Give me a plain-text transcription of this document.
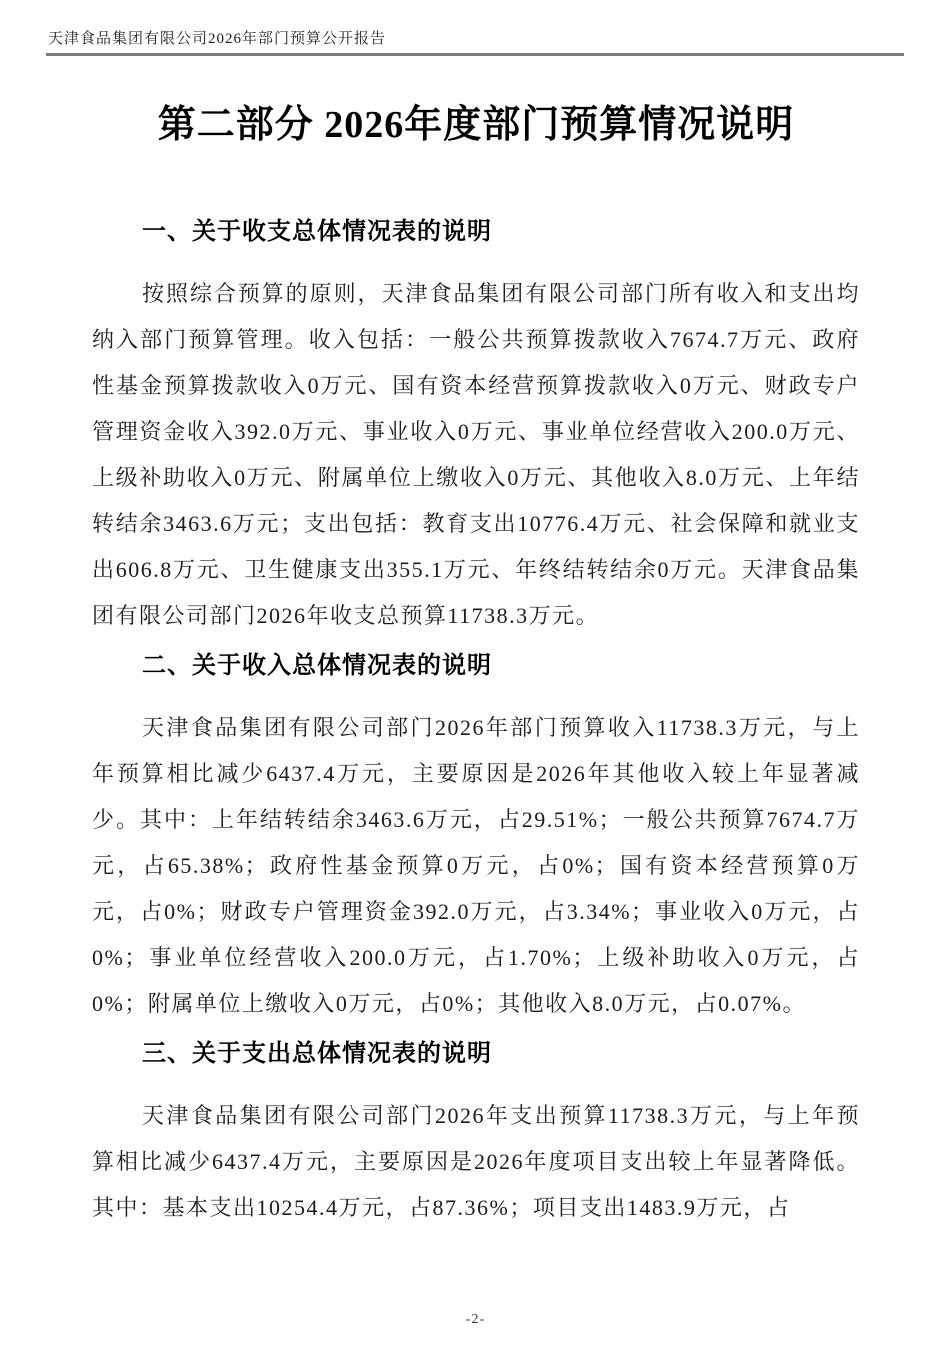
天津食品集团有限公司2026年部门预算公开报告
第二部分 2026年度部门预算情况说明
一、关于收支总体情况表的说明

按照综合预算的原则，天津食品集团有限公司部门所有收入和支出均纳入部门预算管理。收入包括：一般公共预算拨款收入7674.7万元、政府性基金预算拨款收入0万元、国有资本经营预算拨款收入0万元、财政专户管理资金收入392.0万元、事业收入0万元、事业单位经营收入200.0万元、上级补助收入0万元、附属单位上缴收入0万元、其他收入8.0万元、上年结转结余3463.6万元；支出包括：教育支出10776.4万元、社会保障和就业支出606.8万元、卫生健康支出355.1万元、年终结转结余0万元。天津食品集团有限公司部门2026年收支总预算11738.3万元。

二、关于收入总体情况表的说明

天津食品集团有限公司部门2026年部门预算收入11738.3万元，与上年预算相比减少6437.4万元，主要原因是2026年其他收入较上年显著减少。其中：上年结转结余3463.6万元，占29.51%；一般公共预算7674.7万元，占65.38%；政府性基金预算0万元，占0%；国有资本经营预算0万元，占0%；财政专户管理资金392.0万元，占3.34%；事业收入0万元，占0%；事业单位经营收入200.0万元，占1.70%；上级补助收入0万元，占0%；附属单位上缴收入0万元，占0%；其他收入8.0万元，占0.07%。

三、关于支出总体情况表的说明

天津食品集团有限公司部门2026年支出预算11738.3万元，与上年预算相比减少6437.4万元，主要原因是2026年度项目支出较上年显著降低。其中：基本支出10254.4万元，占87.36%；项目支出1483.9万元，占

-2-
